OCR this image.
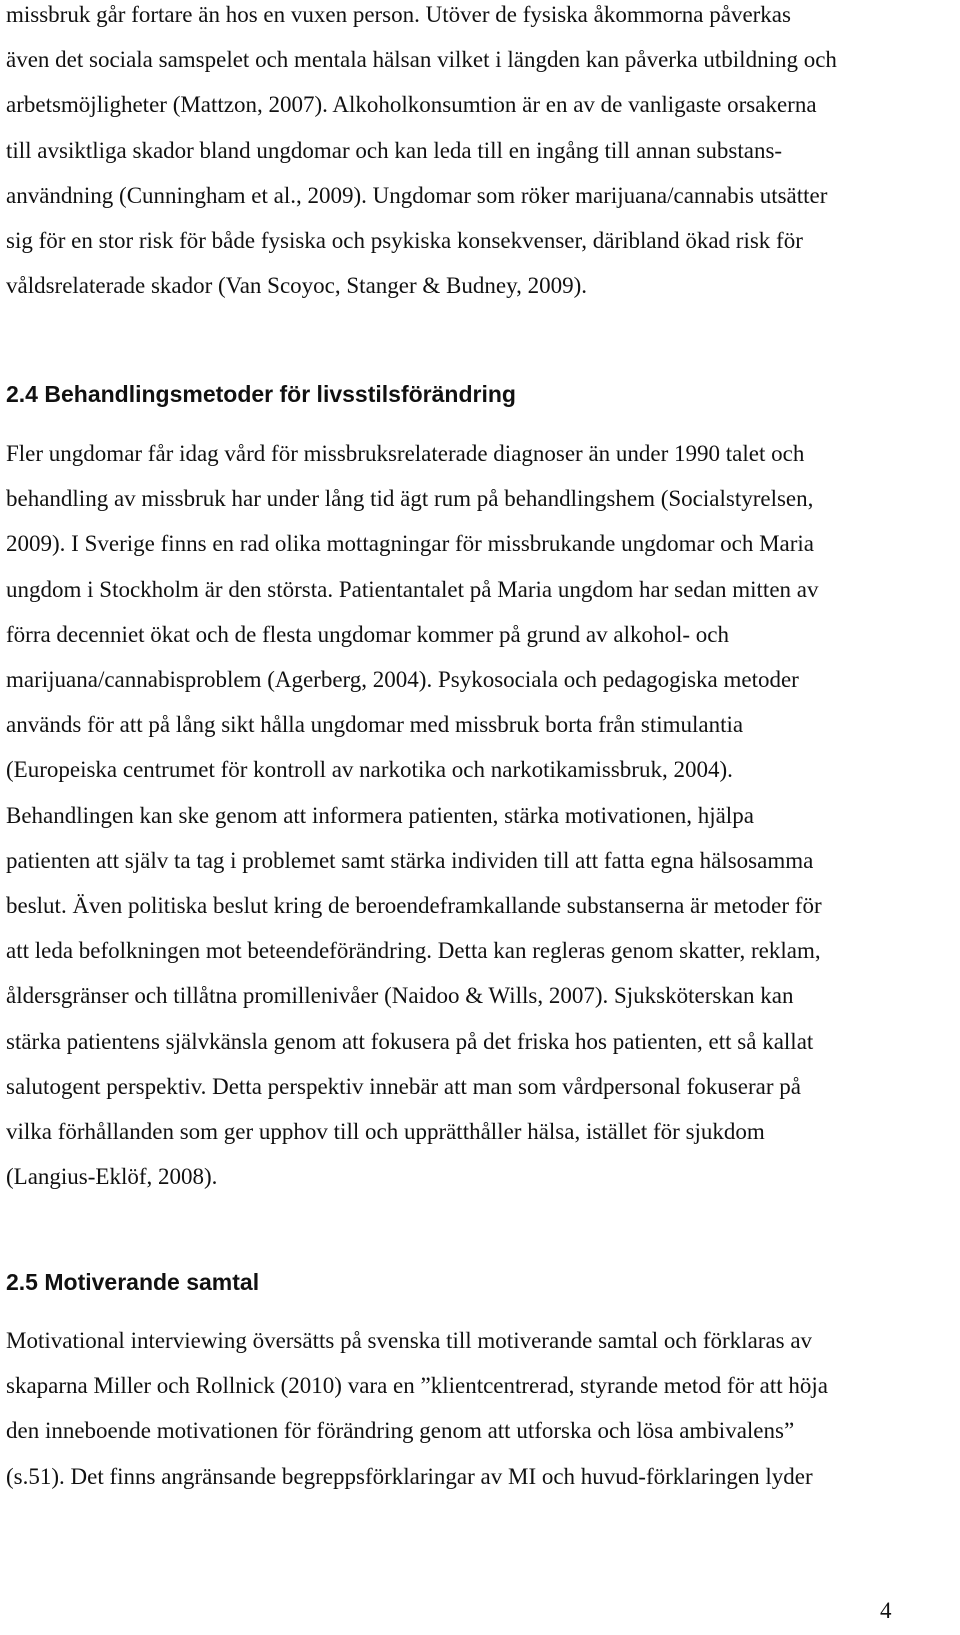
missbruk går fortare än hos en vuxen person. Utöver de fysiska åkommorna påverkas
även det sociala samspelet och mentala hälsan vilket i längden kan påverka utbildning och
arbetsmöjligheter (Mattzon, 2007). Alkoholkonsumtion är en av de vanligaste orsakerna
till avsiktliga skador bland ungdomar och kan leda till en ingång till annan substans-
användning (Cunningham et al., 2009). Ungdomar som röker marijuana/cannabis utsätter
sig för en stor risk för både fysiska och psykiska konsekvenser, däribland ökad risk för
våldsrelaterade skador (Van Scoyoc, Stanger & Budney, 2009).

2.4 Behandlingsmetoder för livsstilsförändring

Fler ungdomar får idag vård för missbruksrelaterade diagnoser än under 1990 talet och
behandling av missbruk har under lång tid ägt rum på behandlingshem (Socialstyrelsen,
2009). I Sverige finns en rad olika mottagningar för missbrukande ungdomar och Maria
ungdom i Stockholm är den största. Patientantalet på Maria ungdom har sedan mitten av
förra decenniet ökat och de flesta ungdomar kommer på grund av alkohol- och
marijuana/cannabisproblem (Agerberg, 2004). Psykosociala och pedagogiska metoder
används för att på lång sikt hålla ungdomar med missbruk borta från stimulantia
(Europeiska centrumet för kontroll av narkotika och narkotikamissbruk, 2004).
Behandlingen kan ske genom att informera patienten, stärka motivationen, hjälpa
patienten att själv ta tag i problemet samt stärka individen till att fatta egna hälsosamma
beslut. Även politiska beslut kring de beroendeframkallande substanserna är metoder för
att leda befolkningen mot beteendeförändring. Detta kan regleras genom skatter, reklam,
åldersgränser och tillåtna promillenivåer (Naidoo & Wills, 2007). Sjuksköterskan kan
stärka patientens självkänsla genom att fokusera på det friska hos patienten, ett så kallat
salutogent perspektiv. Detta perspektiv innebär att man som vårdpersonal fokuserar på
vilka förhållanden som ger upphov till och upprätthåller hälsa, istället för sjukdom
(Langius-Eklöf, 2008).

2.5 Motiverande samtal

Motivational interviewing översätts på svenska till motiverande samtal och förklaras av
skaparna Miller och Rollnick (2010) vara en ”klientcentrerad, styrande metod för att höja
den inneboende motivationen för förändring genom att utforska och lösa ambivalens”
(s.51). Det finns angränsande begreppsförklaringar av MI och huvud-förklaringen lyder

4
